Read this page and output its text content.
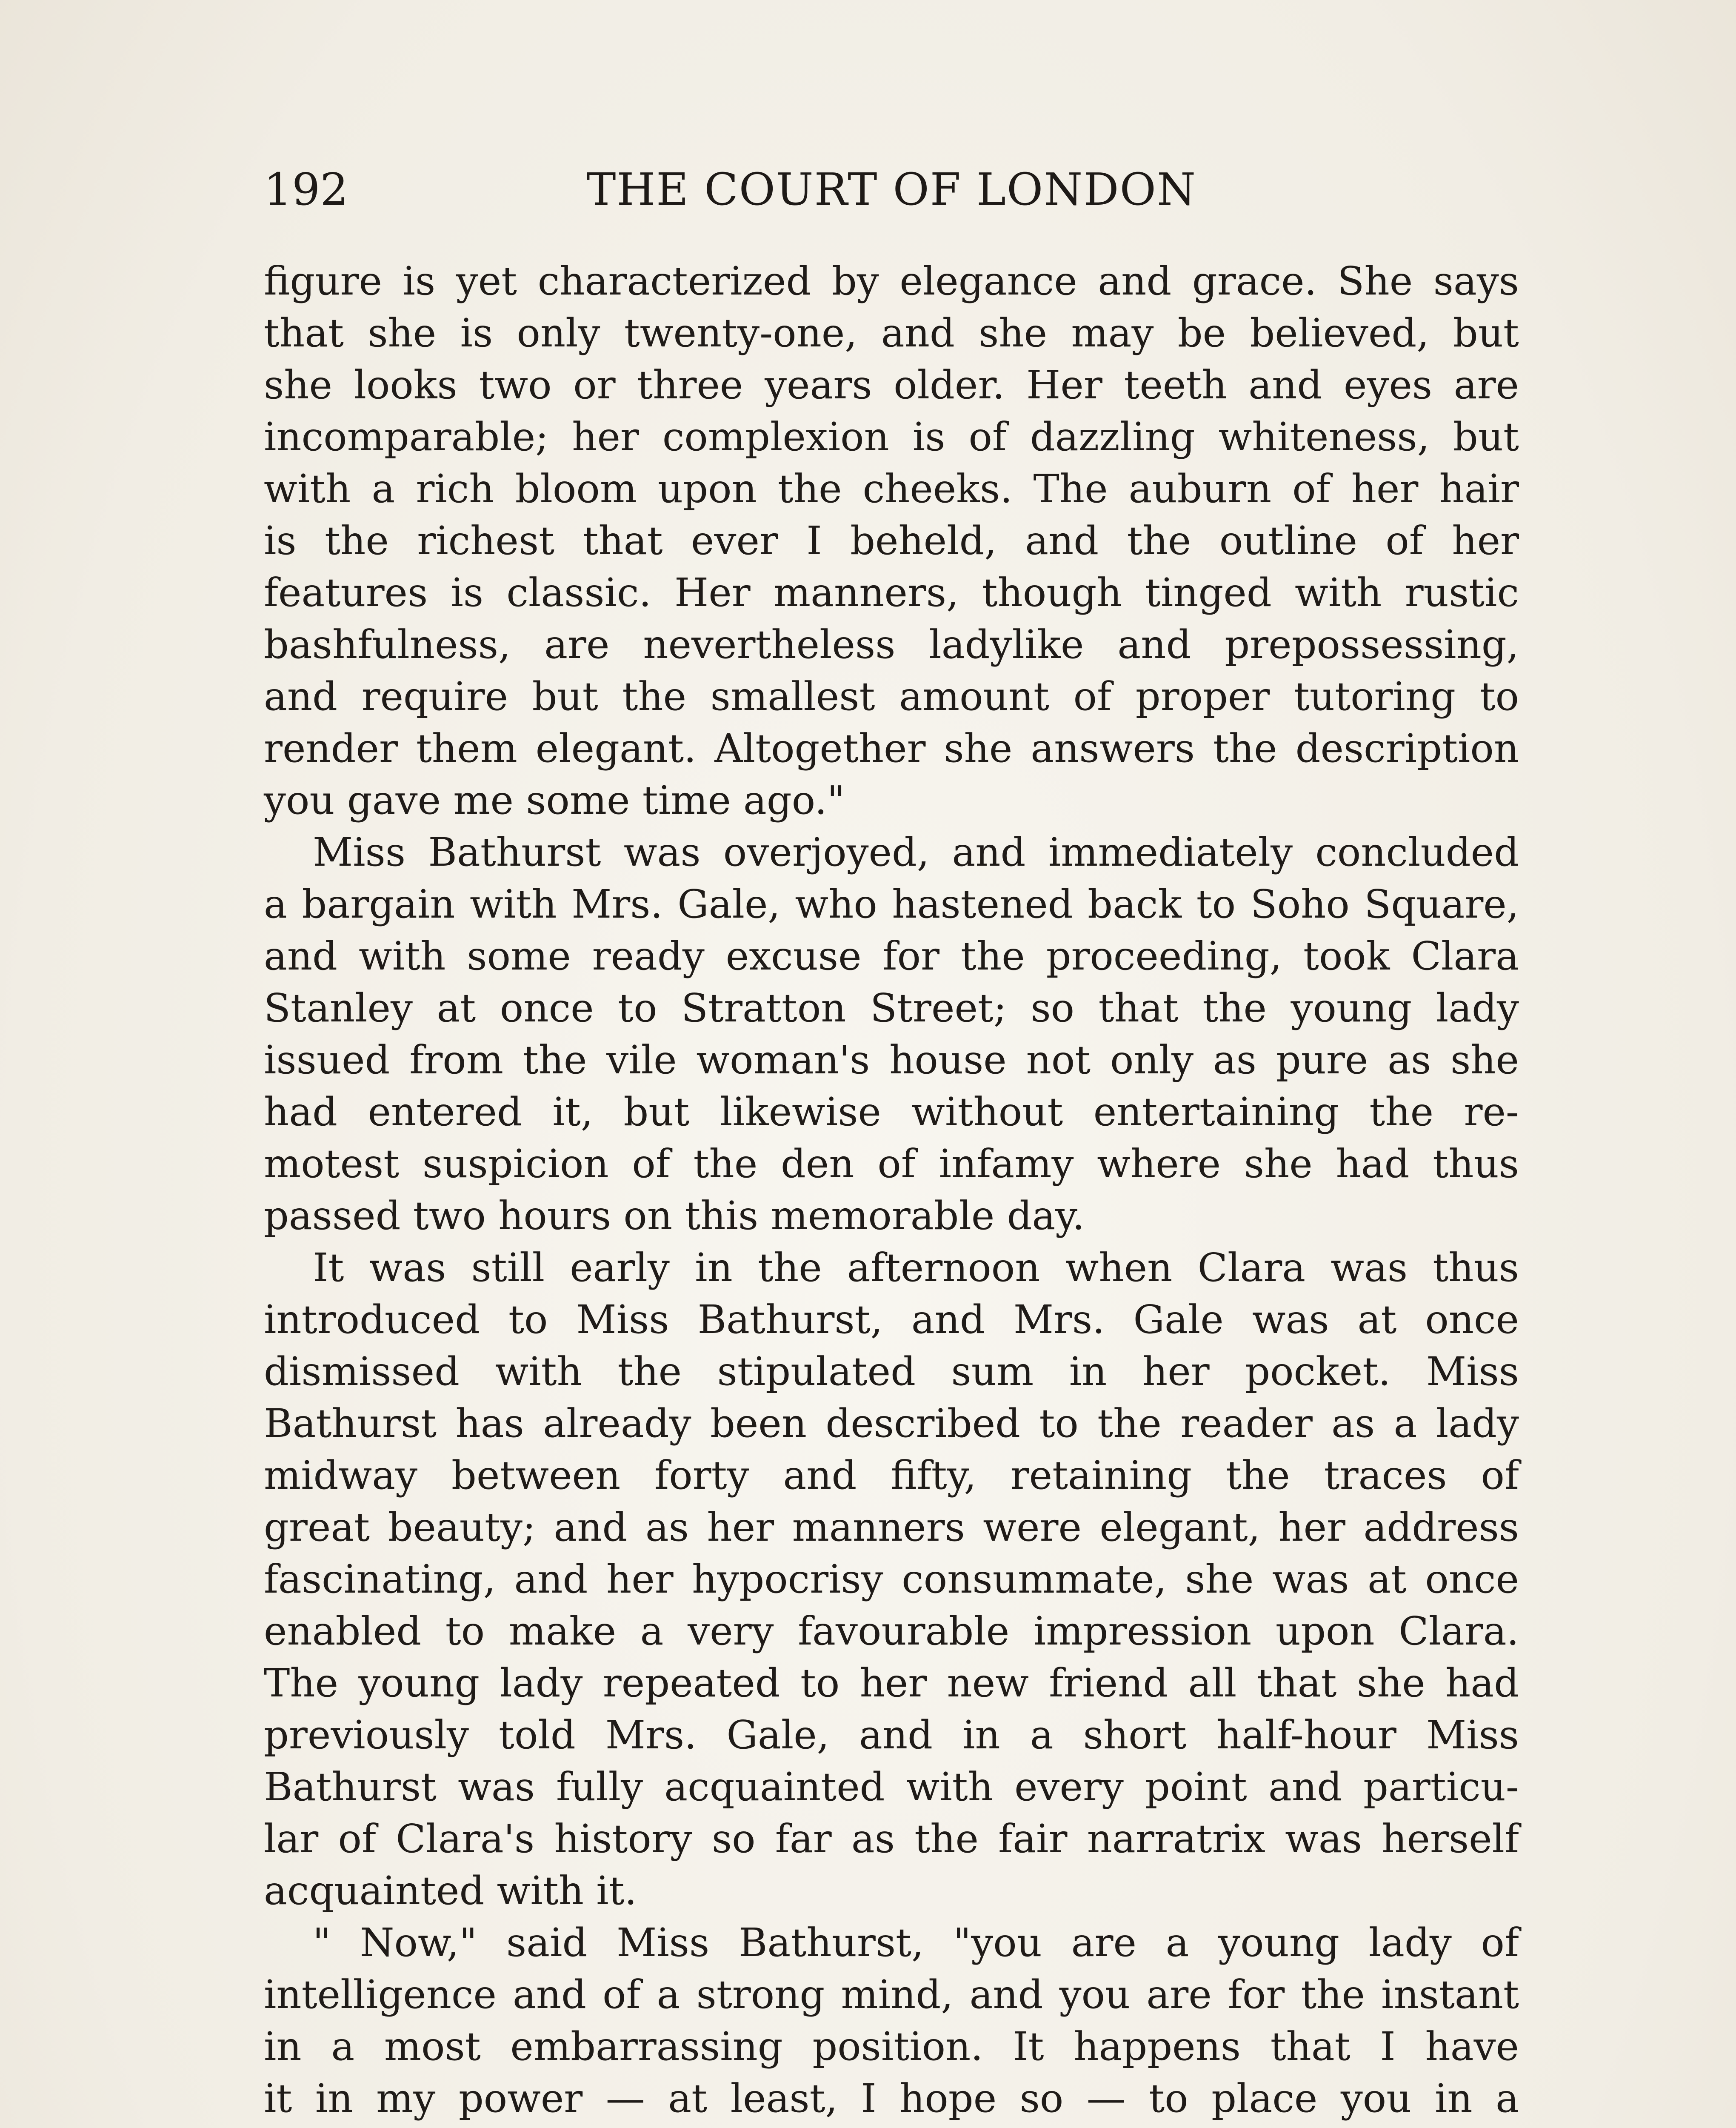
192	THE COURT OF LONDON
figure is yet characterized by elegance and grace. She says
that she is only twenty-one, and she may be believed, but
she looks two or three years older. Her teeth and eyes are
incomparable; her complexion is of dazzling whiteness, but
with a rich bloom upon the cheeks. The auburn of her hair
is the richest that ever I beheld, and the outline of her
features is classic. Her manners, though tinged with rustic
bashfulness, are nevertheless ladylike and prepossessing,
and require but the smallest amount of proper tutoring to
render them elegant. Altogether she answers the description
you gave me some time ago."
Miss Bathurst was overjoyed, and immediately concluded
a bargain with Mrs. Gale, who hastened back to Soho Square,
and with some ready excuse for the proceeding, took Clara
Stanley at once to Stratton Street; so that the young lady
issued from the vile woman's house not only as pure as she
had entered it, but likewise without entertaining the re-
motest suspicion of the den of infamy where she had thus
passed two hours on this memorable day.
It was still early in the afternoon when Clara was thus
introduced to Miss Bathurst, and Mrs. Gale was at once
dismissed with the stipulated sum in her pocket. Miss
Bathurst has already been described to the reader as a lady
midway between forty and fifty, retaining the traces of
great beauty; and as her manners were elegant, her address
fascinating, and her hypocrisy consummate, she was at once
enabled to make a very favourable impression upon Clara.
The young lady repeated to her new friend all that she had
previously told Mrs. Gale, and in a short half-hour Miss
Bathurst was fully acquainted with every point and particu-
lar of Clara's history so far as the fair narratrix was herself
acquainted with it.
" Now," said Miss Bathurst, "you are a young lady of
intelligence and of a strong mind, and you are for the instant
in a most embarrassing position. It happens that I have
it in my power — at least, I hope so — to place you in a
